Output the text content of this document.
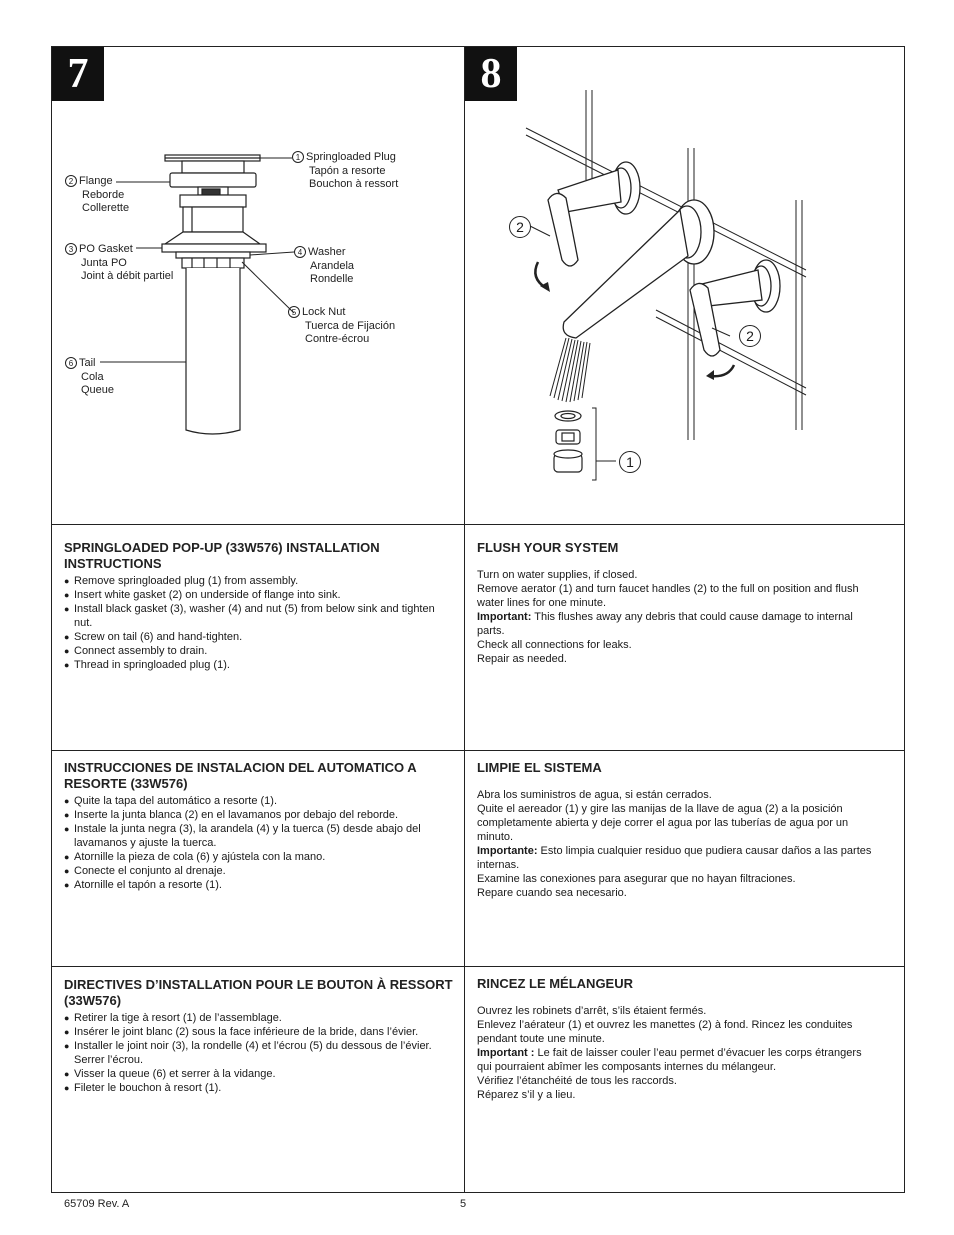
7	8
1 Springloaded Plug
Tapón a resorte
Bouchon à ressort
2 Flange
Reborde
Collerette
3 PO Gasket
Junta PO
Joint à débit partiel
4 Washer
Arandela
Rondelle
5 Lock Nut
Tuerca de Fijación
Contre-écrou
6 Tail
Cola
Queue
2
2
1
SPRINGLOADED POP-UP (33W576) INSTALLATION INSTRUCTIONS
● Remove springloaded plug (1) from assembly.
● Insert white gasket (2) on underside of flange into sink.
● Install black gasket (3), washer (4) and nut (5) from below sink and tighten nut.
● Screw on tail (6) and hand-tighten.
● Connect assembly to drain.
● Thread in springloaded plug (1).
FLUSH YOUR SYSTEM

Turn on water supplies, if closed.

Remove aerator (1) and turn faucet handles (2) to the full on position and flush water lines for one minute.

Important: This flushes away any debris that could cause damage to internal parts.

Check all connections for leaks.

Repair as needed.

INSTRUCCIONES DE INSTALACION DEL AUTOMATICO A RESORTE (33W576)
● Quite la tapa del automático a resorte (1).
● Inserte la junta blanca (2) en el lavamanos por debajo del reborde.
● Instale la junta negra (3), la arandela (4) y la tuerca (5) desde abajo del lavamanos y ajuste la tuerca.
● Atornille la pieza de cola (6) y ajústela con la mano.
● Conecte el conjunto al drenaje.
● Atornille el tapón a resorte (1).
LIMPIE EL SISTEMA

Abra los suministros de agua, si están cerrados.

Quite el aereador (1) y gire las manijas de la llave de agua (2) a la posición completamente abierta y deje correr el agua por las tuberías de agua por un minuto.

Importante: Esto limpia cualquier residuo que pudiera causar daños a las partes internas.

Examine las conexiones para asegurar que no hayan filtraciones.

Repare cuando sea necesario.

DIRECTIVES D’INSTALLATION POUR LE BOUTON À RESSORT (33W576)
● Retirer la tige à resort (1) de l’assemblage.
● Insérer le joint blanc (2) sous la face inférieure de la bride, dans l’évier.
● Installer le joint noir (3), la rondelle (4) et l’écrou (5) du dessous de l’évier. Serrer l’écrou.
● Visser la queue (6) et serrer à la vidange.
● Fileter le bouchon à resort (1).
RINCEZ LE MÉLANGEUR

Ouvrez les robinets d’arrêt, s’ils étaient fermés.

Enlevez l’aérateur (1) et ouvrez les manettes (2) à fond. Rincez les conduites pendant toute une minute.

Important : Le fait de laisser couler l’eau permet d’évacuer les corps étrangers qui pourraient abîmer les composants internes du mélangeur.

Vérifiez l’étanchéité de tous les raccords.

Réparez s’il y a lieu.

65709 Rev. A	5
